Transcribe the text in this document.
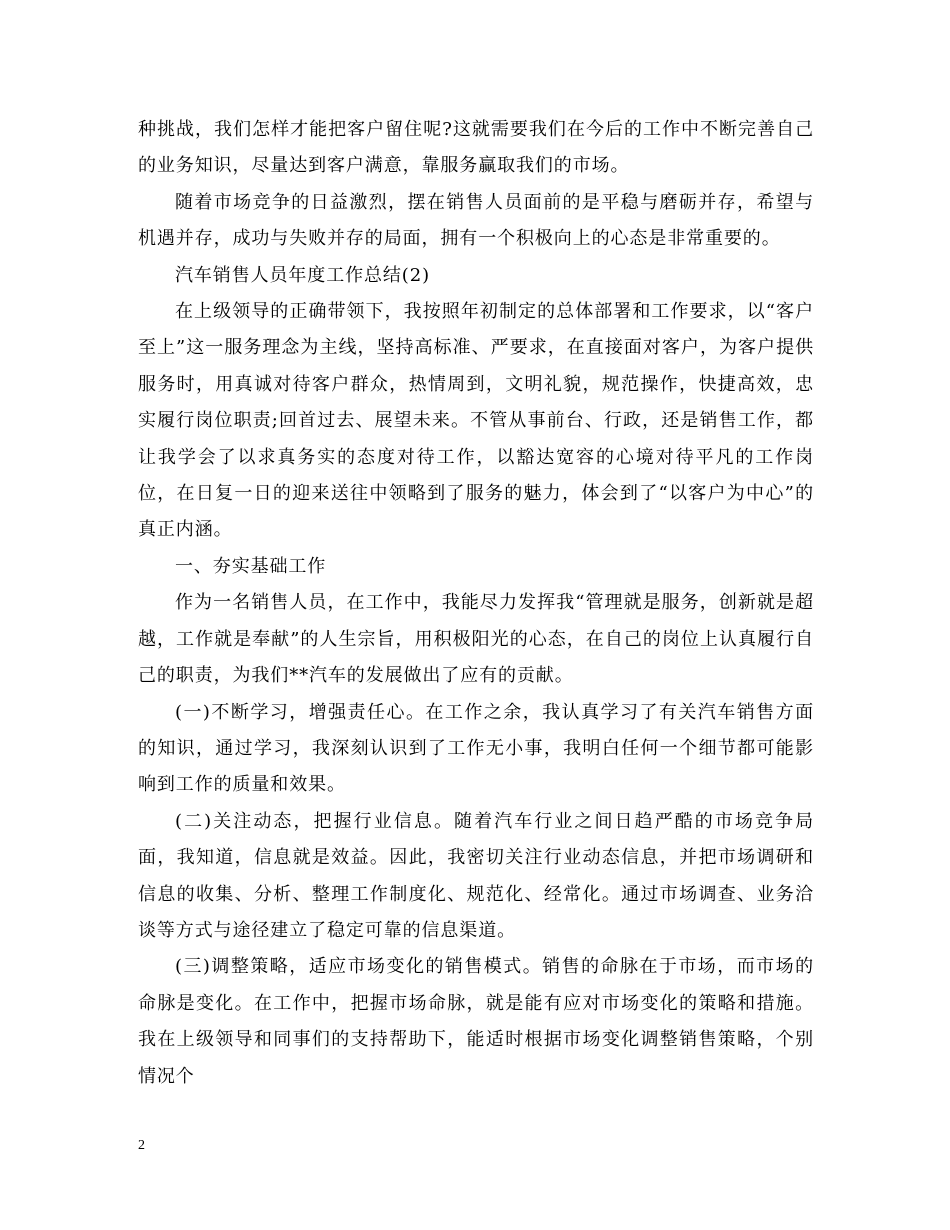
种挑战，我们怎样才能把客户留住呢?这就需要我们在今后的工作中不断完善自己的业务知识，尽量达到客户满意，靠服务赢取我们的市场。

随着市场竞争的日益激烈，摆在销售人员面前的是平稳与磨砺并存，希望与机遇并存，成功与失败并存的局面，拥有一个积极向上的心态是非常重要的。

汽车销售人员年度工作总结(2)

在上级领导的正确带领下，我按照年初制定的总体部署和工作要求，以“客户至上”这一服务理念为主线，坚持高标准、严要求，在直接面对客户，为客户提供服务时，用真诚对待客户群众，热情周到，文明礼貌，规范操作，快捷高效，忠实履行岗位职责;回首过去、展望未来。不管从事前台、行政，还是销售工作，都让我学会了以求真务实的态度对待工作，以豁达宽容的心境对待平凡的工作岗位，在日复一日的迎来送往中领略到了服务的魅力，体会到了“以客户为中心”的真正内涵。

一、夯实基础工作

作为一名销售人员，在工作中，我能尽力发挥我“管理就是服务，创新就是超越，工作就是奉献”的人生宗旨，用积极阳光的心态，在自己的岗位上认真履行自己的职责，为我们**汽车的发展做出了应有的贡献。

(一)不断学习，增强责任心。在工作之余，我认真学习了有关汽车销售方面的知识，通过学习，我深刻认识到了工作无小事，我明白任何一个细节都可能影响到工作的质量和效果。

(二)关注动态，把握行业信息。随着汽车行业之间日趋严酷的市场竞争局面，我知道，信息就是效益。因此，我密切关注行业动态信息，并把市场调研和信息的收集、分析、整理工作制度化、规范化、经常化。通过市场调查、业务洽谈等方式与途径建立了稳定可靠的信息渠道。

(三)调整策略，适应市场变化的销售模式。销售的命脉在于市场，而市场的命脉是变化。在工作中，把握市场命脉，就是能有应对市场变化的策略和措施。我在上级领导和同事们的支持帮助下，能适时根据市场变化调整销售策略，个别情况个

2
